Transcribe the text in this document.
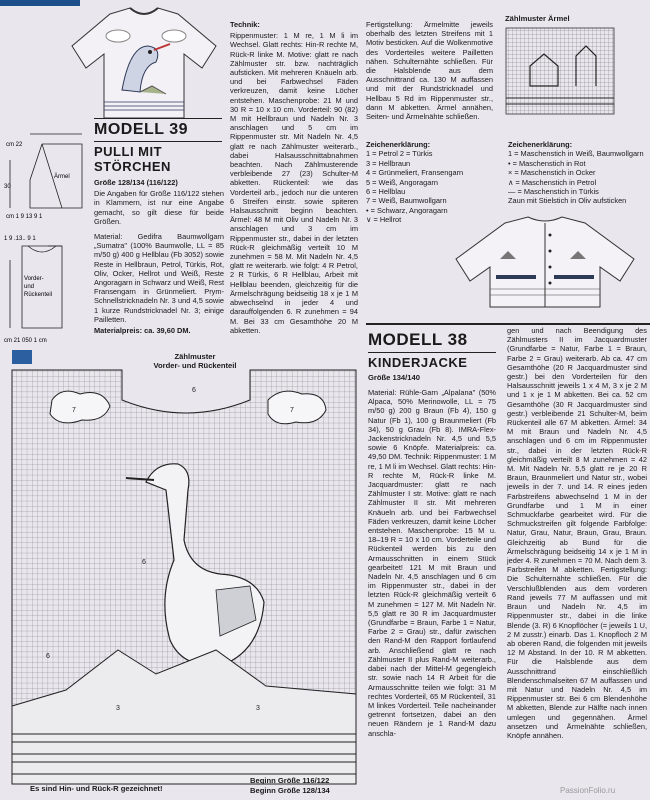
cm 22
30
Ärmel
cm 1 9 13 9 1
1 9 .13.. 9 1
Vorder-
und
Rückenteil
cm 21 050 1 cm
MODELL 39
PULLI MIT
STÖRCHEN

Größe 128/134 (116/122)

Die Angaben für Größe 116/122 stehen in Klammern, ist nur eine Angabe gemacht, so gilt diese für beide Größen.

Material: Gedifra Baumwollgarn „Sumatra" (100% Baumwolle, LL = 85 m/50 g) 400 g Hellblau (Fb 3052) sowie Reste in Hellbraun, Petrol, Türkis, Rot, Oliv, Ocker, Hellrot und Weiß, Reste Angoragarn in Schwarz und Weiß, Rest Fransengarn in Grünmeliert. Prym-Schnellstricknadeln Nr. 3 und 4,5 sowie 1 kurze Rundstricknadel Nr. 3; einige Pailletten.

Materialpreis: ca. 39,60 DM.

Technik:

Rippenmuster: 1 M re, 1 M li im Wechsel. Glatt rechts: Hin-R rechte M, Rück-R linke M. Motive: glatt re nach Zählmuster str. bzw. nachträglich aufsticken. Mit mehreren Knäueln arb. und bei Farbwechsel Fäden verkreuzen, damit keine Löcher entstehen. Maschenprobe: 21 M und 30 R = 10 x 10 cm. Vorderteil: 90 (82) M mit Hellbraun und Nadeln Nr. 3 anschlagen und 5 cm im Rippenmuster str. Mit Nadeln Nr. 4,5 glatt re nach Zählmuster weiterarb., dabei Halsausschnittabnahmen beachten. Nach Zählmusterende verbleibende 27 (23) Schulter-M abketten. Rückenteil: wie das Vorderteil arb., jedoch nur die unteren 6 Streifen einstr. sowie spiteren Halsausschnitt beginn beachten. Ärmel: 48 M mit Oliv und Nadeln Nr. 3 anschlagen und 3 cm im Rippenmuster str., dabei in der letzten Rück-R gleichmäßig verteilt 10 M zunehmen = 58 M. Mit Nadeln Nr. 4,5 glatt re weiterarb. wie folgt: 4 R Petrol, 2 R Türkis, 6 R Hellblau, Arbeit mit Hellblau beenden, gleichzeitig für die Ärmelschrägung beidseitig 18 x je 1 M abwechselnd in jeder 4 und darauffolgenden 6. R zunehmen = 94 M. Bei 33 cm Gesamthöhe 20 M abketten.

Fertigstellung: Ärmelmitte jeweils oberhalb des letzten Streifens mit 1 Motiv besticken. Auf die Wolkenmotive des Vorderteiles weitere Pailletten nähen. Schulternähte schließen. Für die Halsblende aus dem Ausschnittrand ca. 130 M auffassen und mit der Rundstricknadel und Hellbau 5 Rd im Rippenmuster str., dann M abketten. Ärmel annähen, Seiten- und Ärmelnähte schließen.

Zählmuster Ärmel
Zeichenerklärung:
1 = Petrol 2 = Türkis
3 = Hellbraun
4 = Grünmeliert, Fransengarn
5 = Weiß, Angoragarn
6 = Hellblau
7 = Weiß, Baumwollgarn
• = Schwarz, Angoragarn
∨ = Hellrot
Zeichenerklärung:
1 = Maschenstich in Weiß, Baumwollgarn
• = Maschenstich in Rot
× = Maschenstich in Ocker
∧ = Maschenstich in Petrol
— = Maschenstich in Türkis
Zaun mit Stielstich in Oliv aufsticken
MODELL 38
KINDERJACKE
Größe 134/140

Material: Rühle-Garn „Alpalana" (50% Alpaca, 50% Merinowolle, LL = 75 m/50 g) 200 g Braun (Fb 4), 150 g Natur (Fb 1), 100 g Braunmeliert (Fb 34), 50 g Grau (Fb 8). IMRA-Flex-Jackenstricknadeln Nr. 4,5 und 5,5 sowie 6 Knöpfe. Materialpreis: ca. 49,50 DM. Technik: Rippenmuster: 1 M re, 1 M li im Wechsel. Glatt rechts: Hin-R rechte M, Rück-R linke M. Jacquardmuster: glatt re nach Zählmuster I str. Motive: glatt re nach Zählmuster II str. Mit mehreren Knäueln arb. und bei Farbwechsel Fäden verkreuzen, damit keine Löcher entstehen. Maschenprobe: 15 M u. 18–19 R = 10 x 10 cm. Vorderteile und Rückenteil werden bis zu den Armausschnitten in einem Stück gearbeitet! 121 M mit Braun und Nadeln Nr. 4,5 anschlagen und 6 cm im Rippenmuster str., dabei in der letzten Rück-R gleichmäßig verteilt 6 M zunehmen = 127 M. Mit Nadeln Nr. 5,5 glatt re 30 R im Jacquardmuster (Grundfarbe = Braun, Farbe 1 = Natur, Farbe 2 = Grau) str., dafür zwischen den Rand-M den Rapport fortlaufend arb. Anschließend glatt re nach Zählmuster II plus Rand-M weiterarb., dabei nach der Mittel-M gegengleich str. sowie nach 14 R Arbeit für die Armausschnitte teilen wie folgt: 31 M rechtes Vorderteil, 65 M Rückenteil, 31 M linkes Vorderteil. Teile nacheinander getrennt fortsetzen, dabei an den neuen Rändern je 1 Rand-M dazu anschla-

gen und nach Beendigung des Zählmusters II im Jacquardmuster (Grundfarbe = Natur, Farbe 1 = Braun, Farbe 2 = Grau) weiterarb. Ab ca. 47 cm Gesamthöhe (20 R Jacquardmuster sind gestr.) bei den Vorderteilen für den Halsausschnitt jeweils 1 x 4 M, 3 x je 2 M und 1 x je 1 M abketten. Bei ca. 52 cm Gesamthöhe (30 R Jacquardmuster sind gestr.) verbleibende 21 Schulter-M, beim Rückenteil alle 67 M abketten. Ärmel: 34 M mit Braun und Nadeln Nr. 4,5 anschlagen und 6 cm im Rippenmuster str., dabei in der letzten Rück-R gleichmäßig verteilt 8 M zunehmen = 42 M. Mit Nadeln Nr. 5,5 glatt re je 20 R Braun, Braunmeliert und Natur str., wobei jeweils in der 7. und 14. R eines jeden Farbstreifens abwechselnd 1 M in der Grundfarbe und 1 M in einer Schmuckfarbe gearbeitet wird. Für die Schmuckstreifen gilt folgende Farbfolge: Natur, Grau, Natur, Braun, Grau, Braun. Gleichzeitig ab Bund für die Ärmelschrägung beidseitig 14 x je 1 M in jeder 4. R zunehmen = 70 M. Nach dem 3. Farbstreifen M abketten. Fertigstellung: Die Schulternähte schließen. Für die Verschlußblenden aus dem vorderen Rand jeweils 77 M auffassen und mit Braun und Nadeln Nr. 4,5 im Rippenmuster str., dabei in die linke Blende (3. R) 6 Knopflöcher (= jeweils 1 U, 2 M zusstr.) einarb. Das 1. Knopfloch 2 M ab oberen Rand, die folgenden mit jeweils 12 M Abstand. In der 10. R M abketten. Für die Halsblende aus dem Ausschnittrand einschließlich Blendenschmalseiten 67 M auffassen und mit Natur und Nadeln Nr. 4,5 im Rippenmuster str. Bei 6 cm Blendenhöhe M abketten, Blende zur Hälfte nach innen umlegen und gegennähen. Ärmel ansetzen und Ärmelnähte schließen, Knöpfe annähen.

7	7
6
6
6
3	3
Zählmuster
Vorder- und Rückenteil
Es sind Hin- und Rück-R gezeichnet!
Beginn Größe 116/122
Beginn Größe 128/134	PassionFolio.ru
